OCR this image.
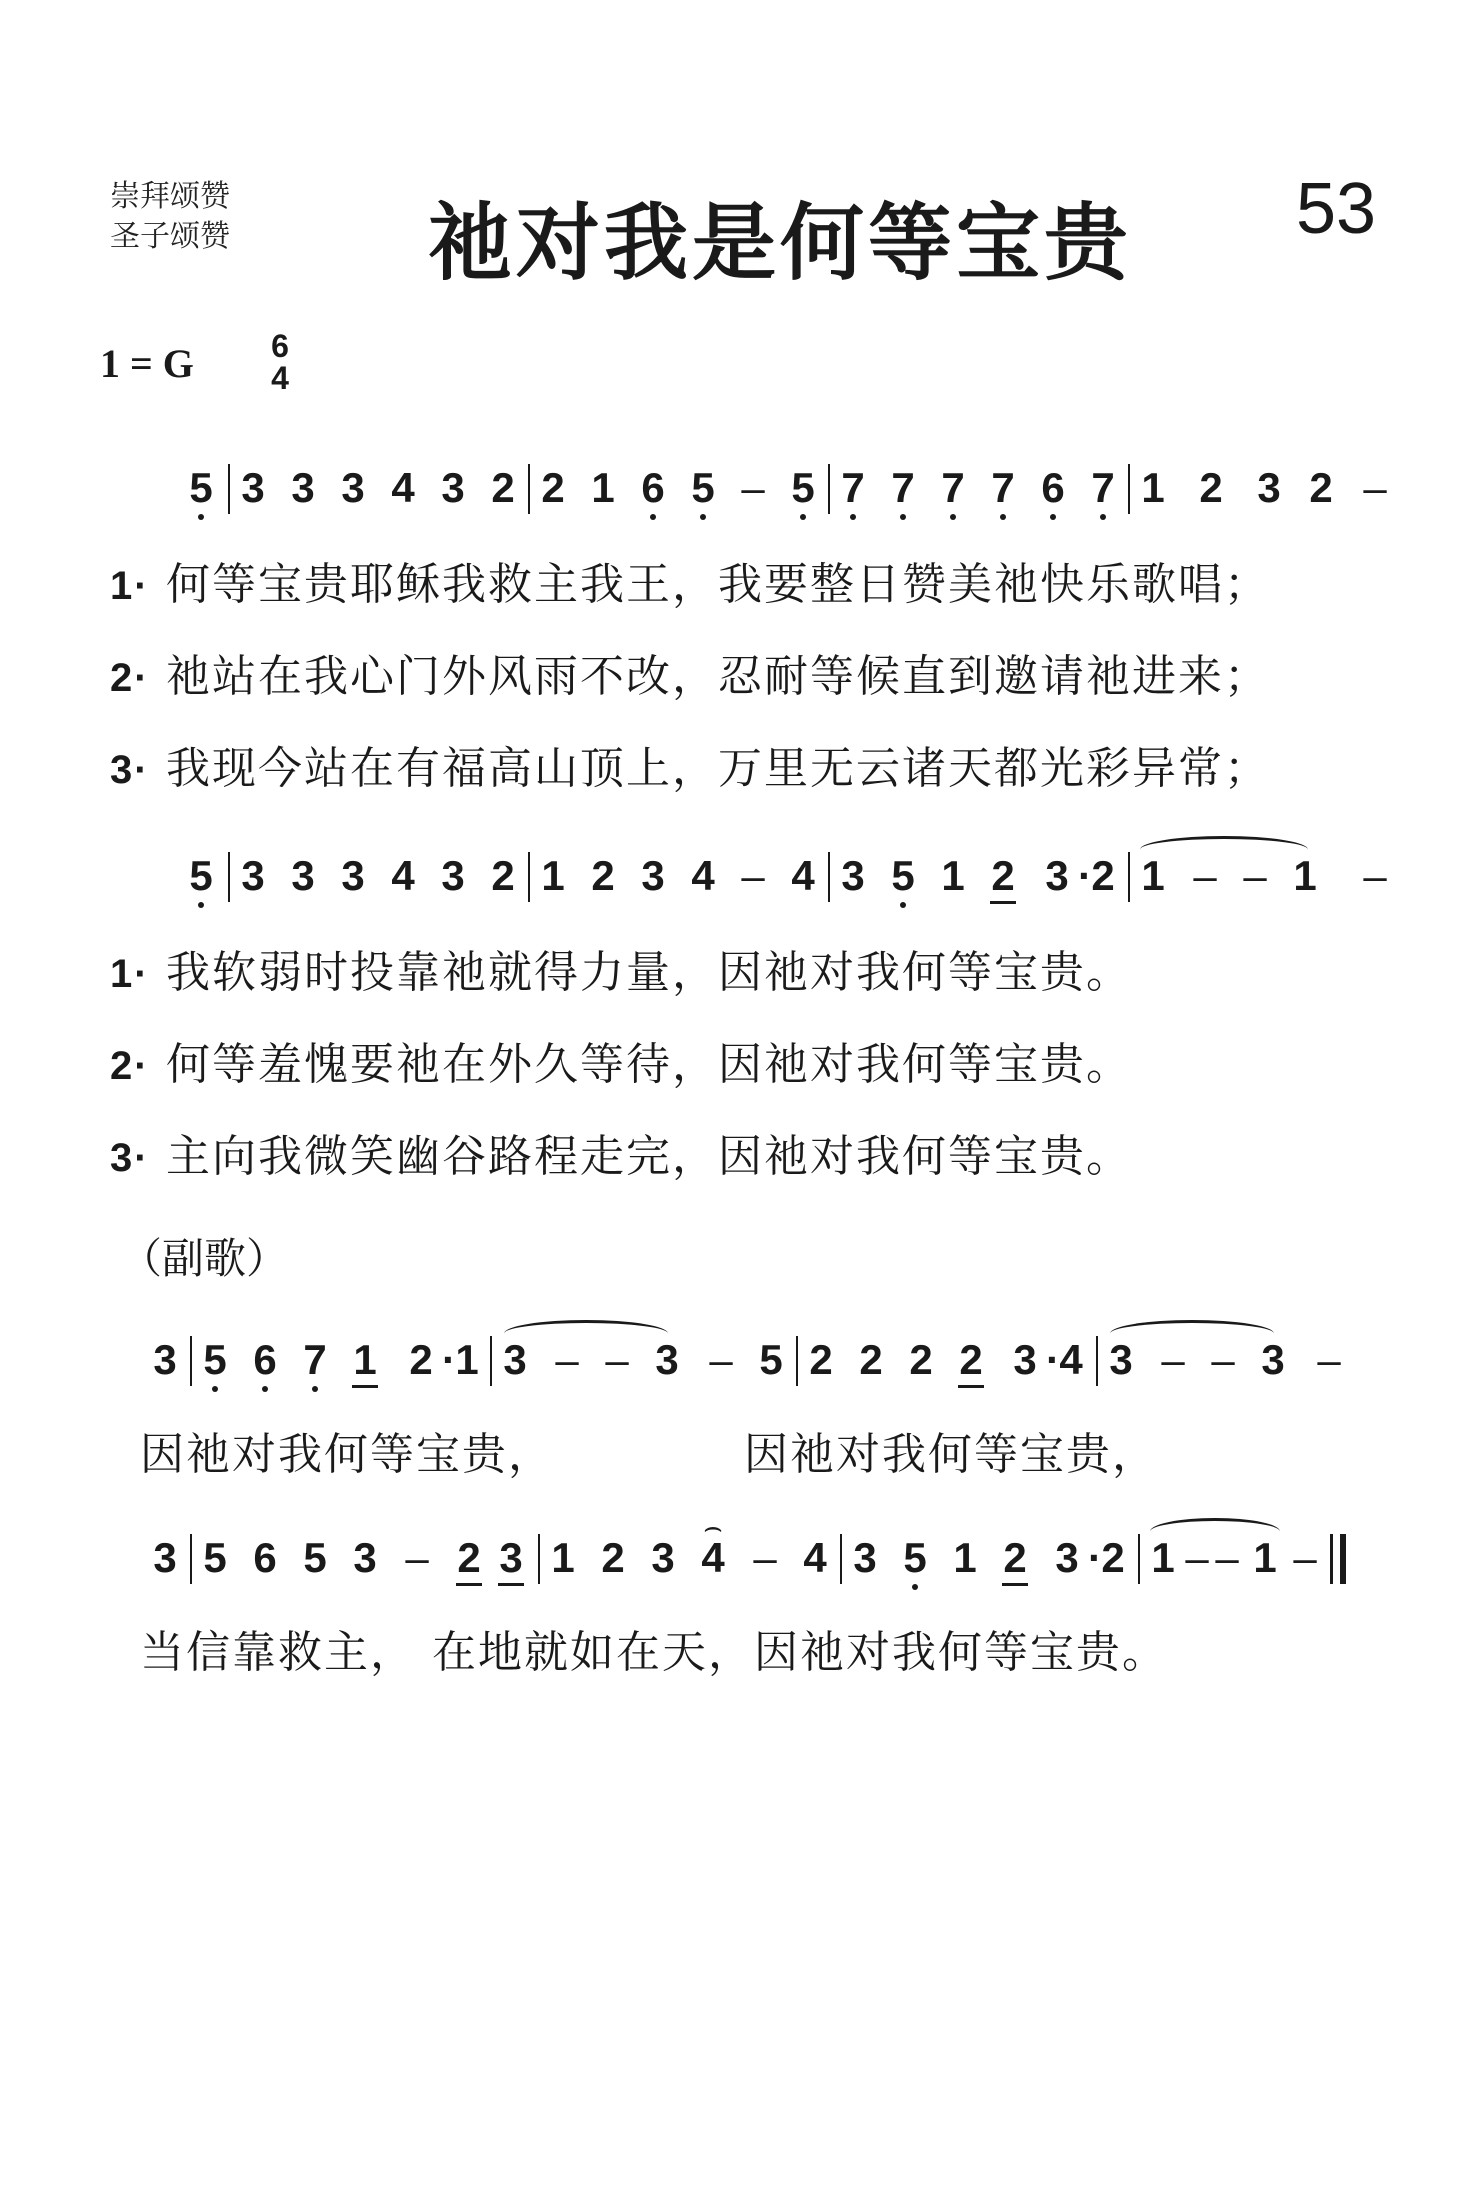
崇拜颂赞
圣子颂赞 祂对我是何等宝贵 53
1 = G 6
4
5 3 3 3 4 3 2 2 1 6 5 – 5 7 7 7 7 6 7 1 2 3 2 –
1· 何等宝贵耶稣我救主我王，我要整日赞美祂快乐歌唱；
2· 祂站在我心门外风雨不改，忍耐等候直到邀请祂进来；
3· 我现今站在有福高山顶上，万里无云诸天都光彩异常；
5 3 3 3 4 3 2 1 2 3 4 – 4 3 5 1 2 3 · 2 1 – – 1 –
1· 我软弱时投靠祂就得力量，因祂对我何等宝贵。
2· 何等羞愧要祂在外久等待，因祂对我何等宝贵。
3· 主向我微笑幽谷路程走完，因祂对我何等宝贵。
（副歌）
3 5 6 7 1 2 · 1 3 – – 3 – 5 2 2 2 2 3 · 4 3 – – 3 –
因祂对我何等宝贵，	因祂对我何等宝贵，
3 5 6 5 3 – 2 3 1 2 3
⌢ 4 – 4 3 5 1 2 3 · 2 1 – – 1 –
当信靠救主， 在地就如在天，因祂对我何等宝贵。
